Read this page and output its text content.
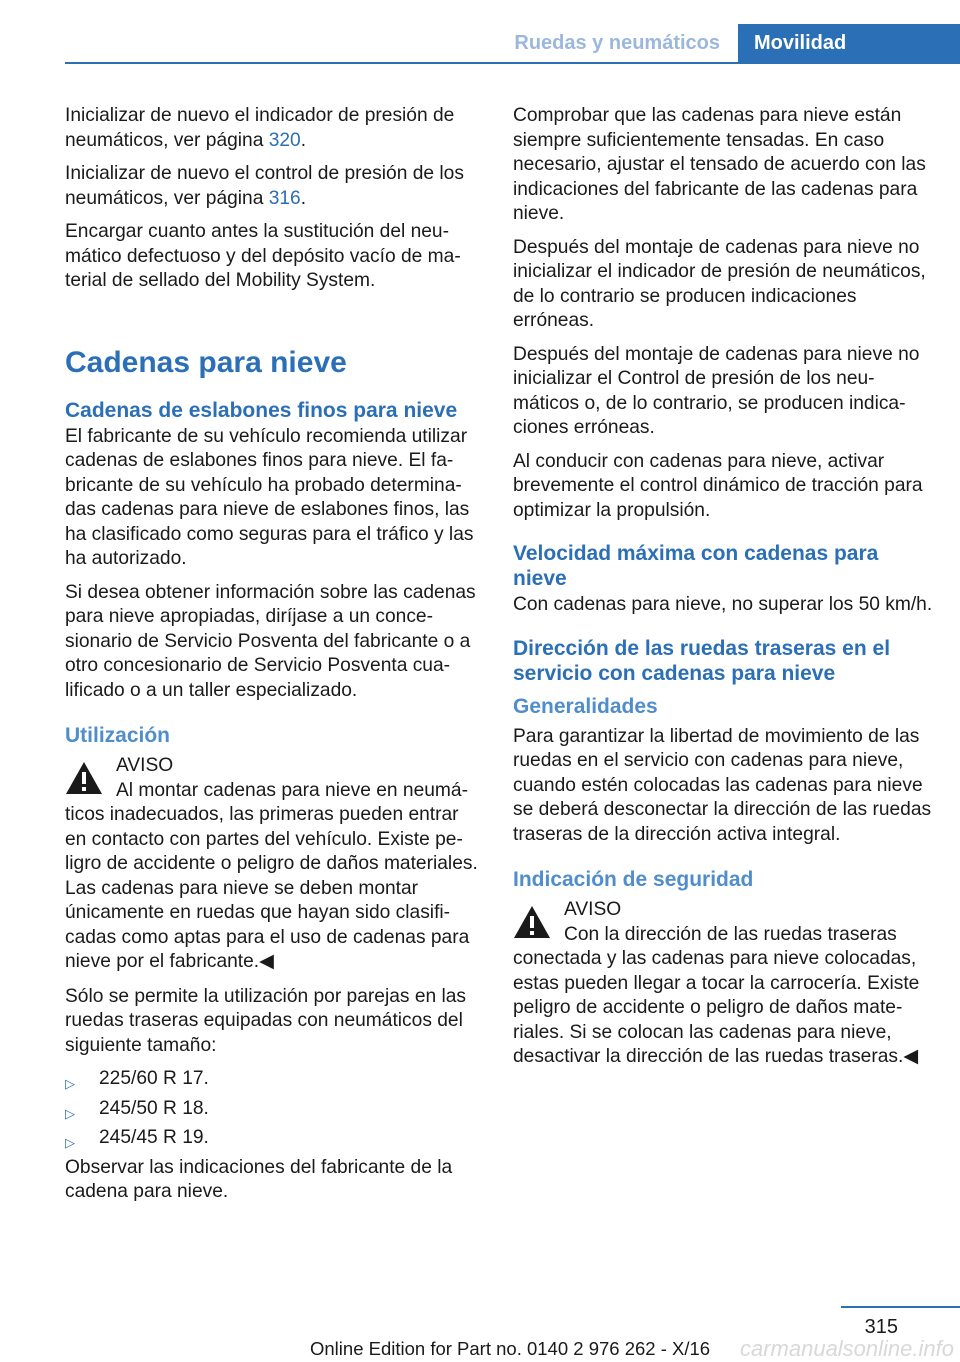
Ruedas y neumáticos	Movilidad

Inicializar de nuevo el indicador de presión de neumáticos, ver página 320.

Inicializar de nuevo el control de presión de los neumáticos, ver página 316.

Encargar cuanto antes la sustitución del neumático defectuoso y del depósito vacío de material de sellado del Mobility System.

Cadenas para nieve
Cadenas de eslabones finos para nieve

El fabricante de su vehículo recomienda utilizar cadenas de eslabones finos para nieve. El fabricante de su vehículo ha probado determinadas cadenas para nieve de eslabones finos, las ha clasificado como seguras para el tráfico y las ha autorizado.

Si desea obtener información sobre las cadenas para nieve apropiadas, diríjase a un concesionario de Servicio Posventa del fabricante o a otro concesionario de Servicio Posventa cualificado o a un taller especializado.

Utilización
AVISO
Al montar cadenas para nieve en neumá-
ticos inadecuados, las primeras pueden entrar en contacto con partes del vehículo. Existe peligro de accidente o peligro de daños materiales. Las cadenas para nieve se deben montar únicamente en ruedas que hayan sido clasificadas como aptas para el uso de cadenas para nieve por el fabricante.◀

Sólo se permite la utilización por parejas en las ruedas traseras equipadas con neumáticos del siguiente tamaño:

▷ 225/60 R 17.
▷ 245/50 R 18.
▷ 245/45 R 19.

Observar las indicaciones del fabricante de la cadena para nieve.

Comprobar que las cadenas para nieve están siempre suficientemente tensadas. En caso necesario, ajustar el tensado de acuerdo con las indicaciones del fabricante de las cadenas para nieve.

Después del montaje de cadenas para nieve no inicializar el indicador de presión de neumáticos, de lo contrario se producen indicaciones erróneas.

Después del montaje de cadenas para nieve no inicializar el Control de presión de los neumáticos o, de lo contrario, se producen indicaciones erróneas.

Al conducir con cadenas para nieve, activar brevemente el control dinámico de tracción para optimizar la propulsión.

Velocidad máxima con cadenas para nieve

Con cadenas para nieve, no superar los 50 km/h.

Dirección de las ruedas traseras en el servicio con cadenas para nieve
Generalidades

Para garantizar la libertad de movimiento de las ruedas en el servicio con cadenas para nieve, cuando estén colocadas las cadenas para nieve se deberá desconectar la dirección de las ruedas traseras de la dirección activa integral.

Indicación de seguridad
AVISO
Con la dirección de las ruedas traseras
conectada y las cadenas para nieve colocadas, estas pueden llegar a tocar la carrocería. Existe peligro de accidente o peligro de daños materiales. Si se colocan las cadenas para nieve, desactivar la dirección de las ruedas traseras.◀
315
Online Edition for Part no. 0140 2 976 262 - X/16 carmanualsonline.info
